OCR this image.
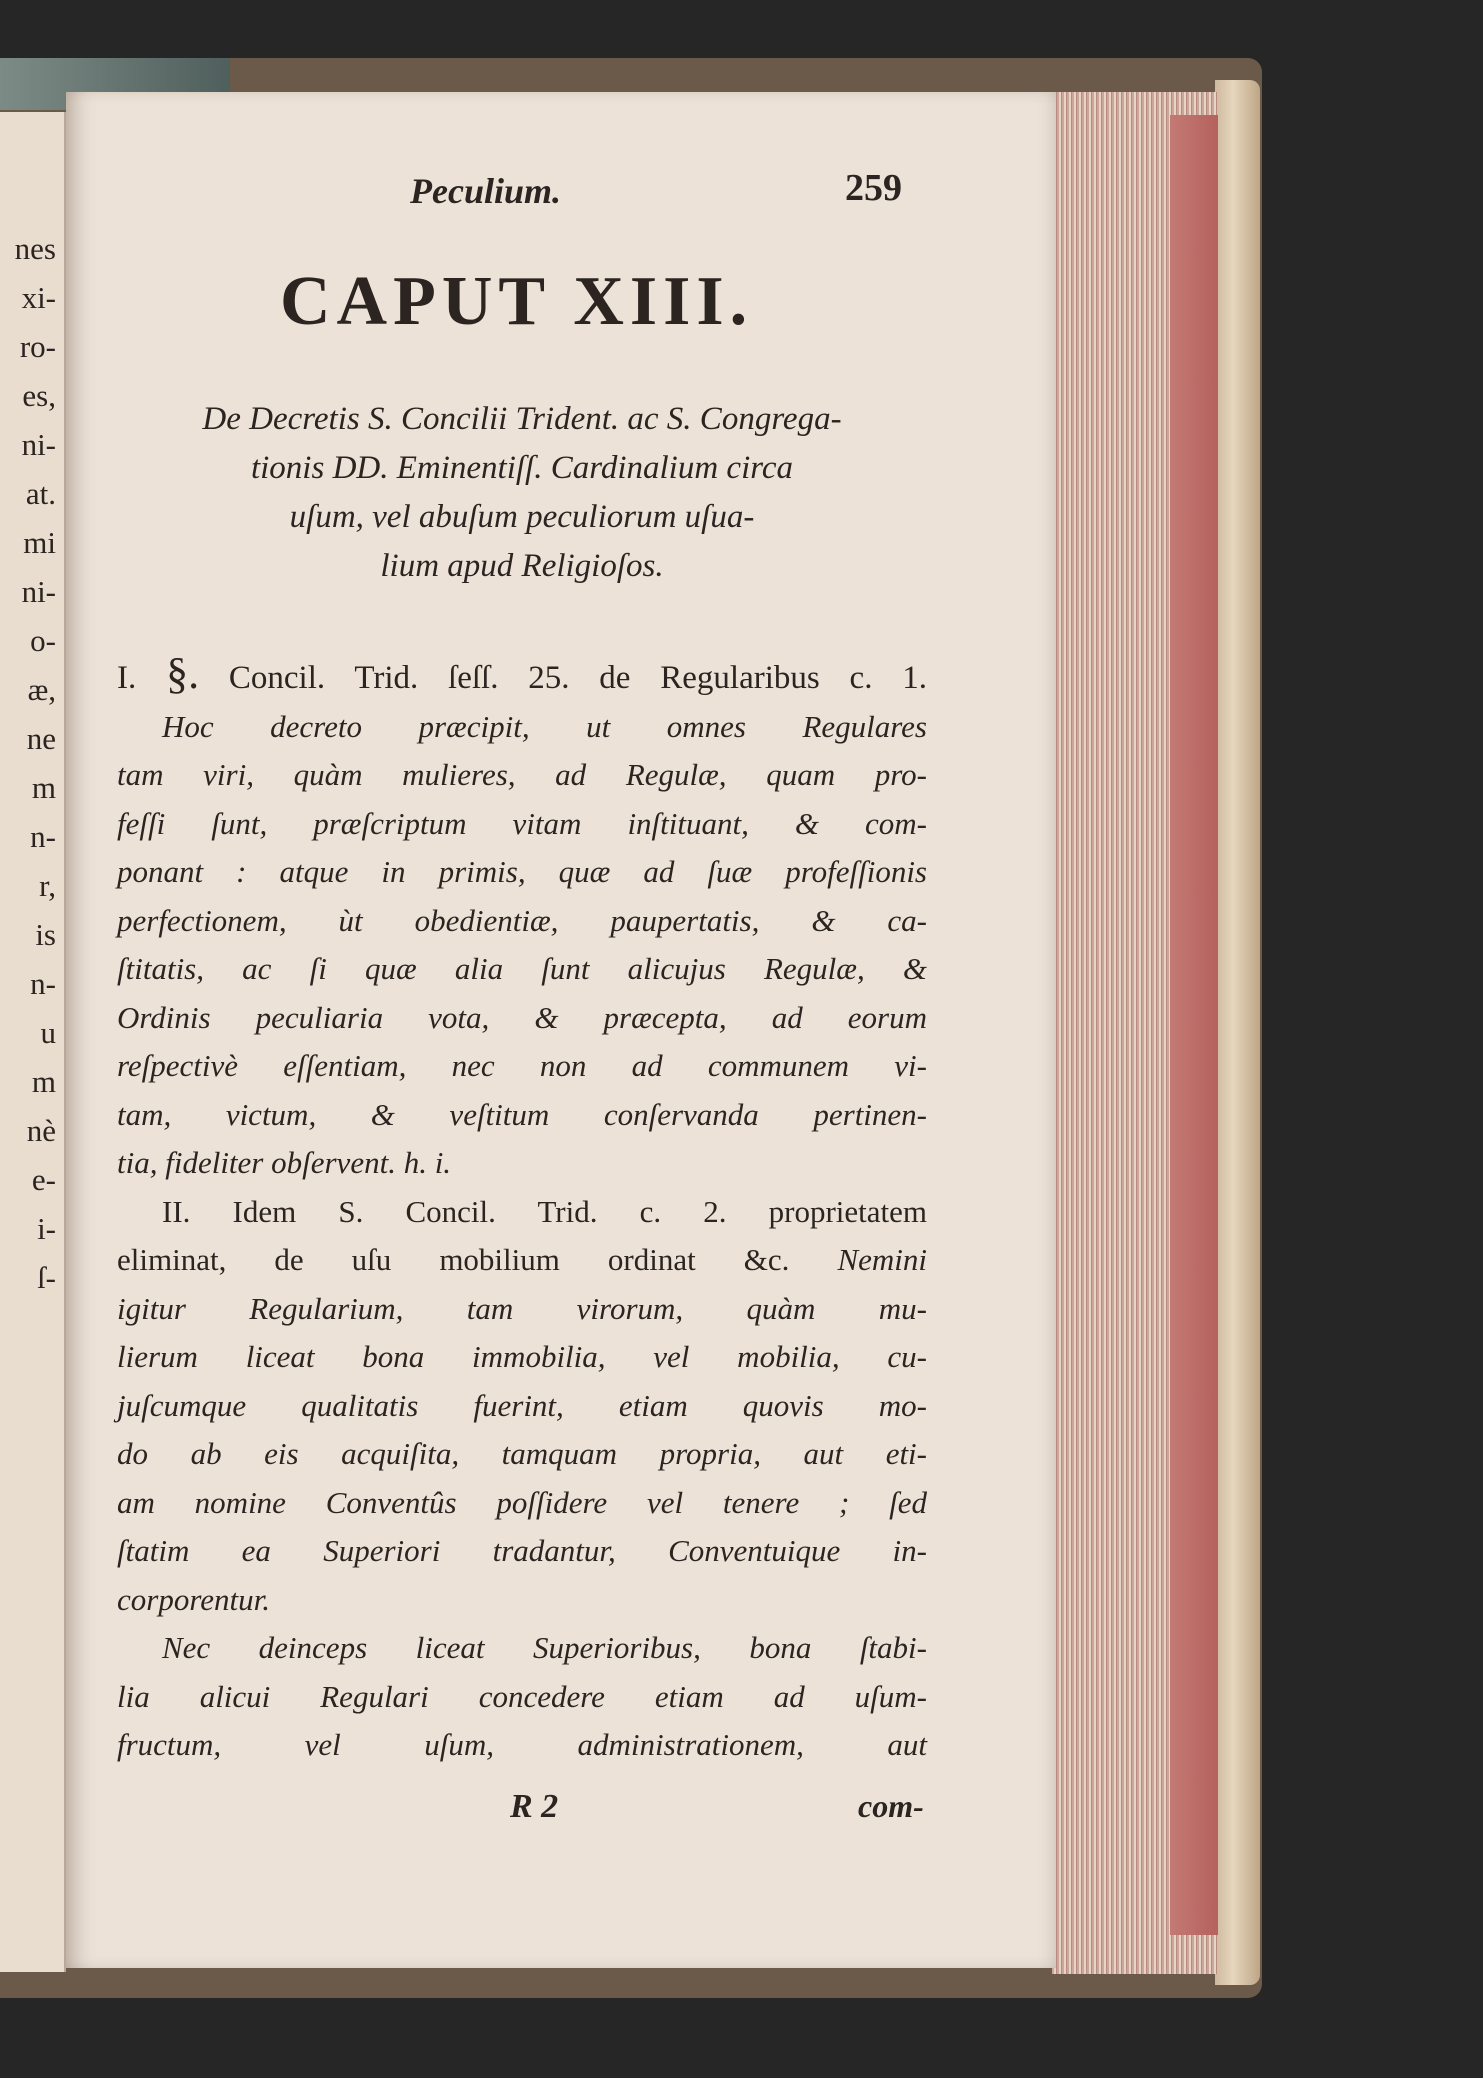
nes
xi-
ro-
es,
ni-
at.
mi
ni-
o-
æ,
ne
m
n-
r,
is
n-
u
m
nè
e-
i-
ſ-
Peculium.	259
CAPUT XIII.
De Decretis S. Concilii Trident. ac S. Congrega-
tionis DD. Eminentiſſ. Cardinalium circa
uſum, vel abuſum peculiorum uſua-
lium apud Religioſos.
I. §. Concil. Trid. ſeſſ. 25. de Regularibus c. 1.
Hoc decreto præcipit, ut omnes Regulares
tam viri, quàm mulieres, ad Regulæ, quam pro-
feſſi ſunt, præſcriptum vitam inſtituant, & com-
ponant : atque in primis, quæ ad ſuæ profeſſionis
perfectionem, ùt obedientiæ, paupertatis, & ca-
ſtitatis, ac ſi quæ alia ſunt alicujus Regulæ, &
Ordinis peculiaria vota, & præcepta, ad eorum
reſpectivè eſſentiam, nec non ad communem vi-
tam, victum, & veſtitum conſervanda pertinen-
tia, fideliter obſervent. h. i.
II. Idem S. Concil. Trid. c. 2. proprietatem
eliminat, de uſu mobilium ordinat &c. Nemini
igitur Regularium, tam virorum, quàm mu-
lierum liceat bona immobilia, vel mobilia, cu-
juſcumque qualitatis fuerint, etiam quovis mo-
do ab eis acquiſita, tamquam propria, aut eti-
am nomine Conventûs poſſidere vel tenere ; ſed
ſtatim ea Superiori tradantur, Conventuique in-
corporentur.
Nec deinceps liceat Superioribus, bona ſtabi-
lia alicui Regulari concedere etiam ad uſum-
fructum, vel uſum, administrationem, aut
R 2	com-
